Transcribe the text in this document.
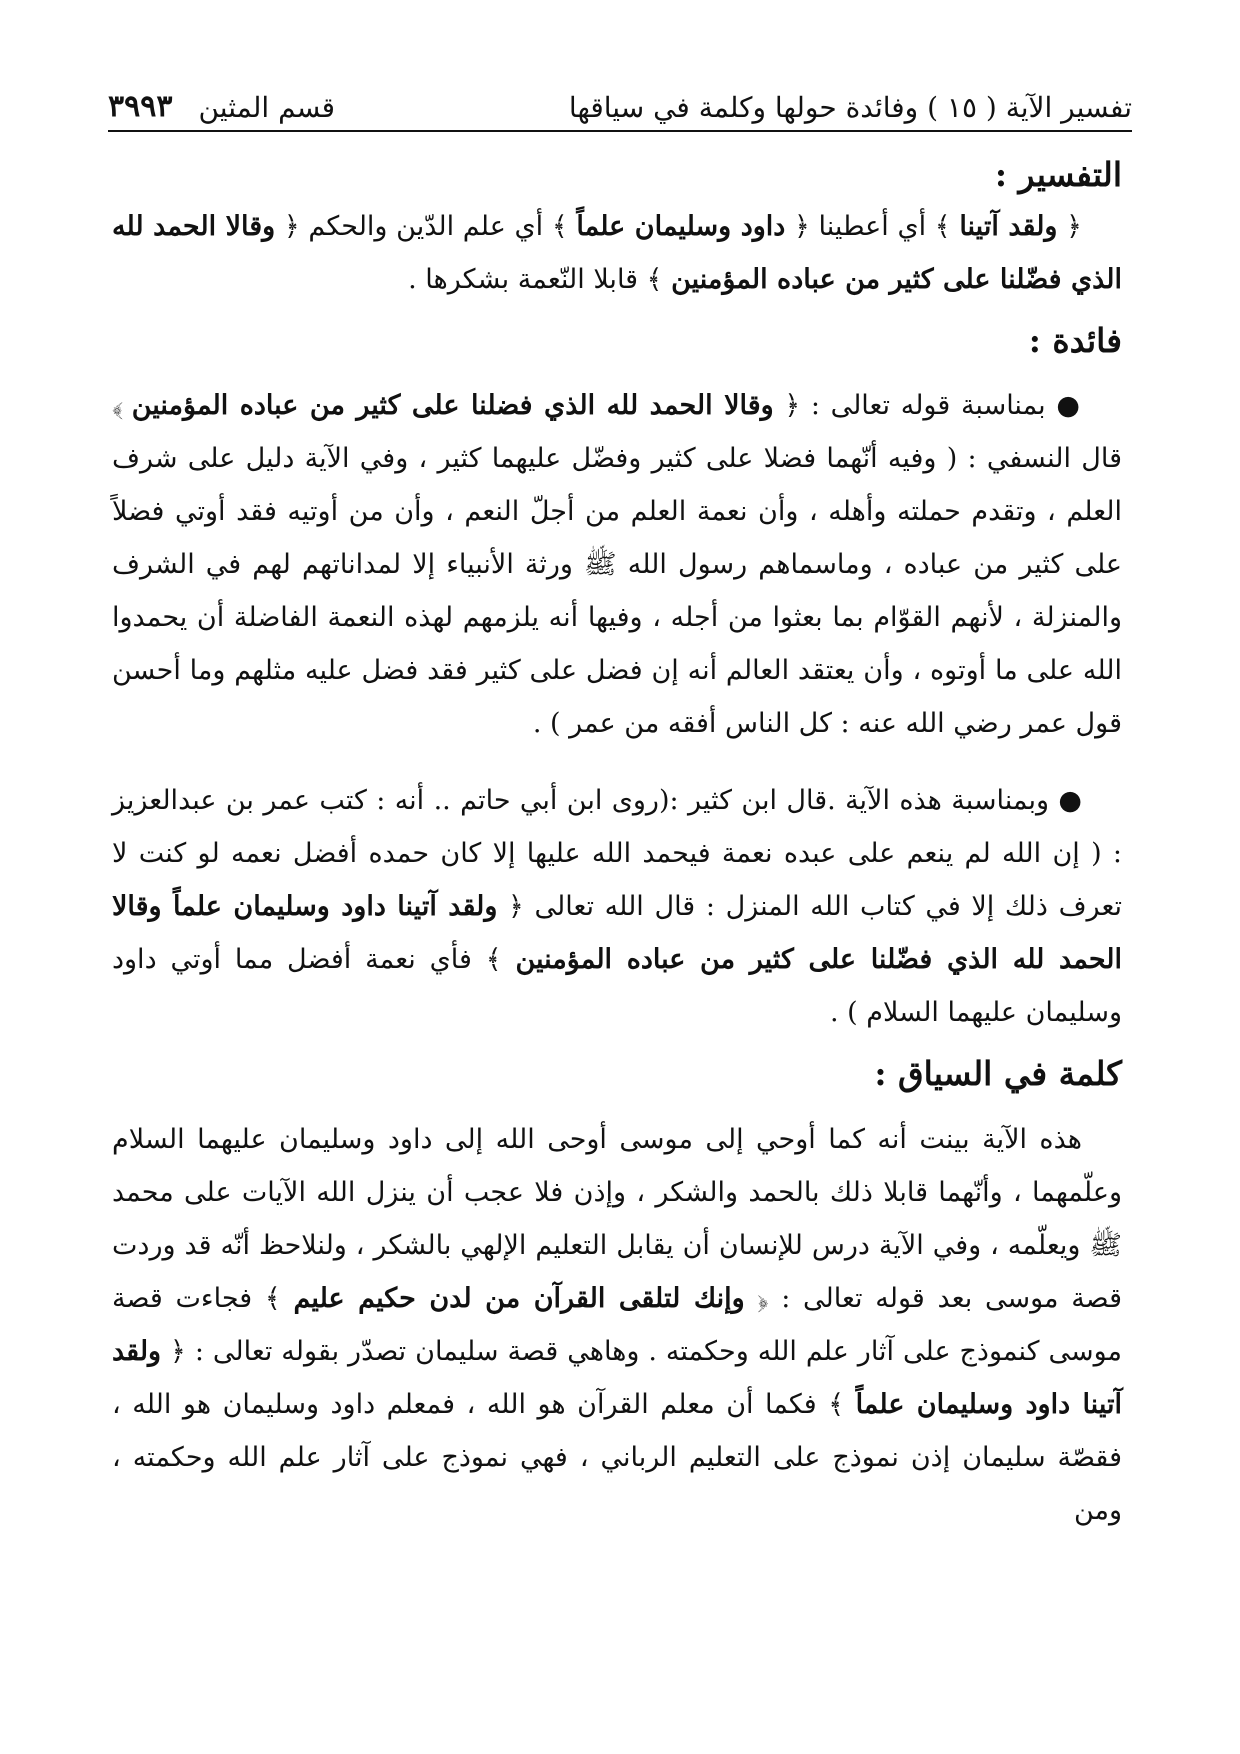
تفسير الآية ( ١٥ ) وفائدة حولها وكلمة في سياقها
قسم المثين
٣٩٩٣
التفسير :

﴿ ولقد آتينا ﴾ أي أعطينا ﴿ داود وسليمان علماً ﴾ أي علم الدّين والحكم ﴿ وقالا الحمد لله الذي فضّلنا على كثير من عباده المؤمنين ﴾ قابلا النّعمة بشكرها .

فائدة :

● بمناسبة قوله تعالى : ﴿ وقالا الحمد لله الذي فضلنا على كثير من عباده المؤمنين ﴾ قال النسفي : ( وفيه أنّهما فضلا على كثير وفضّل عليهما كثير ، وفي الآية دليل على شرف العلم ، وتقدم حملته وأهله ، وأن نعمة العلم من أجلّ النعم ، وأن من أوتيه فقد أوتي فضلاً على كثير من عباده ، وماسماهم رسول الله ﷺ ورثة الأنبياء إلا لمداناتهم لهم في الشرف والمنزلة ، لأنهم القوّام بما بعثوا من أجله ، وفيها أنه يلزمهم لهذه النعمة الفاضلة أن يحمدوا الله على ما أوتوه ، وأن يعتقد العالم أنه إن فضل على كثير فقد فضل عليه مثلهم وما أحسن قول عمر رضي الله عنه : كل الناس أفقه من عمر ) .

● وبمناسبة هذه الآية .قال ابن كثير :(روى ابن أبي حاتم .. أنه : كتب عمر بن عبدالعزيز : ( إن الله لم ينعم على عبده نعمة فيحمد الله عليها إلا كان حمده أفضل نعمه لو كنت لا تعرف ذلك إلا في كتاب الله المنزل : قال الله تعالى ﴿ ولقد آتينا داود وسليمان علماً وقالا الحمد لله الذي فضّلنا على كثير من عباده المؤمنين ﴾ فأي نعمة أفضل مما أوتي داود وسليمان عليهما السلام ) .

كلمة في السياق :

هذه الآية بينت أنه كما أوحي إلى موسى أوحى الله إلى داود وسليمان عليهما السلام وعلّمهما ، وأنّهما قابلا ذلك بالحمد والشكر ، وإذن فلا عجب أن ينزل الله الآيات على محمد ﷺ ويعلّمه ، وفي الآية درس للإنسان أن يقابل التعليم الإلهي بالشكر ، ولنلاحظ أنّه قد وردت قصة موسى بعد قوله تعالى : ﴿ وإنك لتلقى القرآن من لدن حكيم عليم ﴾ فجاءت قصة موسى كنموذج على آثار علم الله وحكمته . وهاهي قصة سليمان تصدّر بقوله تعالى : ﴿ ولقد آتينا داود وسليمان علماً ﴾ فكما أن معلم القرآن هو الله ، فمعلم داود وسليمان هو الله ، فقصّة سليمان إذن نموذج على التعليم الرباني ، فهي نموذج على آثار علم الله وحكمته ، ومن
